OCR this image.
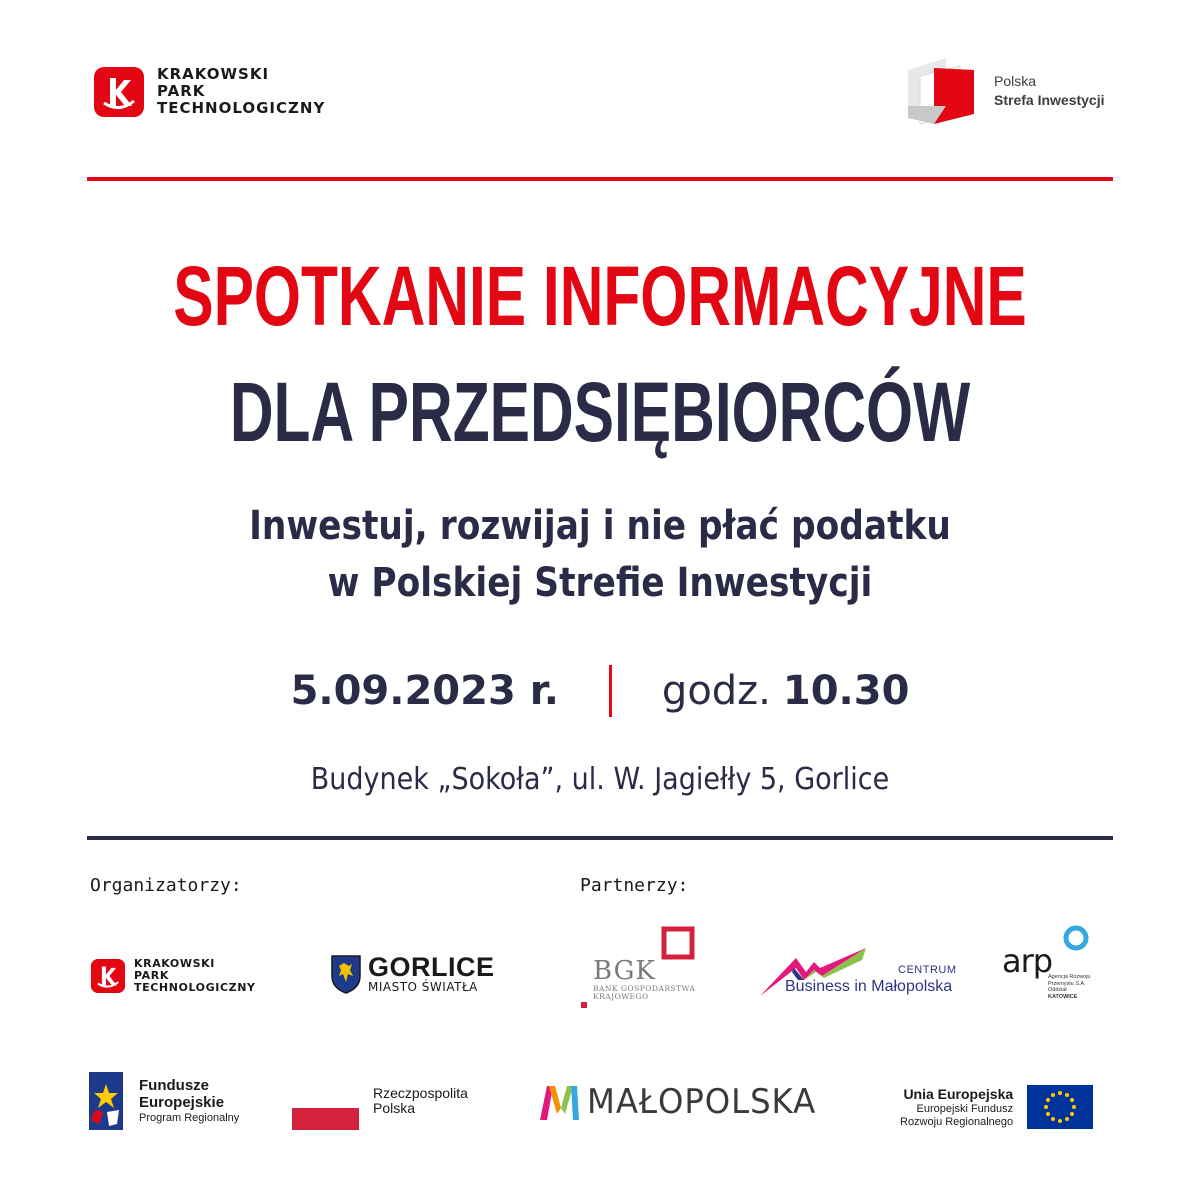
KRAKOWSKI
PARK
TECHNOLOGICZNY
Polska
Strefa Inwestycji
SPOTKANIE INFORMACYJNE
DLA PRZEDSIĘBIORCÓW
Inwestuj, rozwijaj i nie płać podatku
w Polskiej Strefie Inwestycji
5.09.2023 r.	godz. 10.30
Budynek „Sokoła”, ul. W. Jagiełły 5, Gorlice
Organizatorzy:	Partnerzy:
KRAKOWSKI
PARK
TECHNOLOGICZNY
GORLICE
MIASTO ŚWIATŁA
BGK
BANK GOSPODARSTWA
KRAJOWEGO
CENTRUM
Business in Małopolska
arp
Agencja Rozwoju
Przemysłu S.A.
Oddział
KATOWICE
Fundusze
Europejskie
Program Regionalny
Rzeczpospolita
Polska	MAŁOPOLSKA	Unia Europejska
Europejski Fundusz
Rozwoju Regionalnego
